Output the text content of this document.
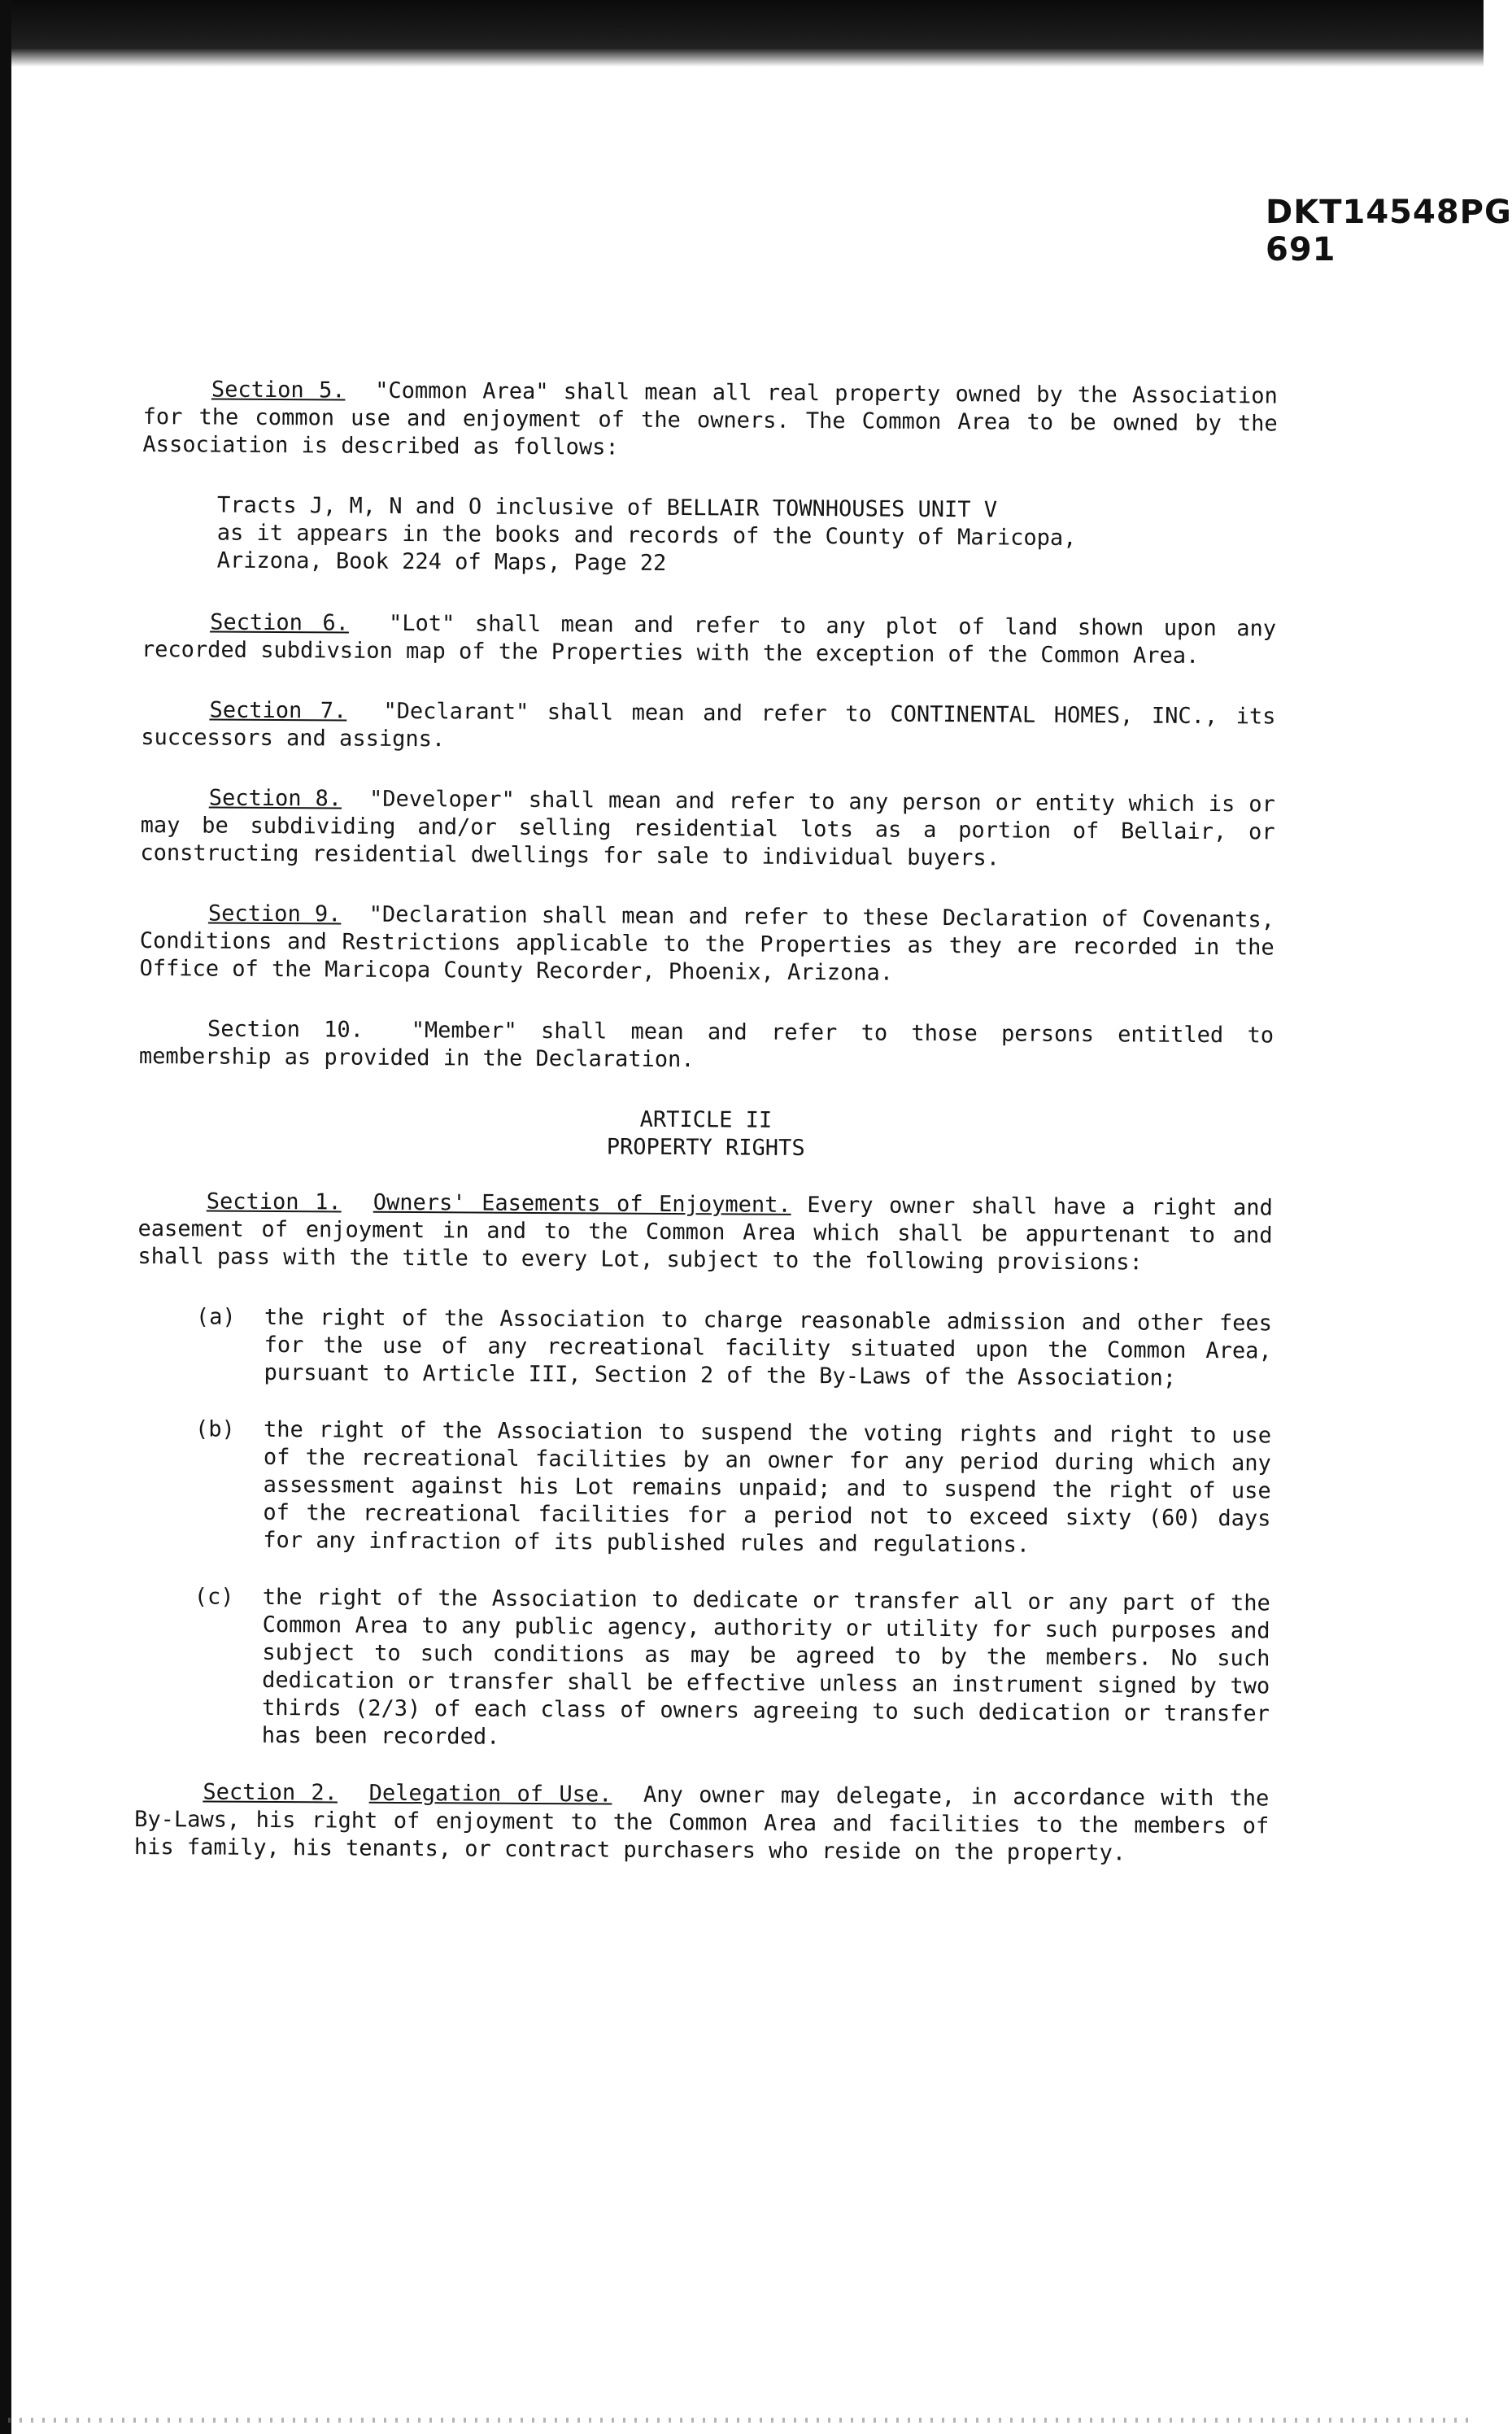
DKT14548PG 691

Section 5. "Common Area" shall mean all real property owned by the Association for the common use and enjoyment of the owners. The Common Area to be owned by the Association is described as follows:

Tracts J, M, N and O inclusive of BELLAIR TOWNHOUSES UNIT V
as it appears in the books and records of the County of Maricopa,
Arizona, Book 224 of Maps, Page 22

Section 6. "Lot" shall mean and refer to any plot of land shown upon any recorded subdivsion map of the Properties with the exception of the Common Area.

Section 7. "Declarant" shall mean and refer to CONTINENTAL HOMES, INC., its successors and assigns.

Section 8. "Developer" shall mean and refer to any person or entity which is or may be subdividing and/or selling residential lots as a portion of Bellair, or constructing residential dwellings for sale to individual buyers.

Section 9. "Declaration shall mean and refer to these Declaration of Covenants, Conditions and Restrictions applicable to the Properties as they are recorded in the Office of the Maricopa County Recorder, Phoenix, Arizona.

Section 10. "Member" shall mean and refer to those persons entitled to membership as provided in the Declaration.

ARTICLE II
PROPERTY RIGHTS

Section 1. Owners' Easements of Enjoyment. Every owner shall have a right and easement of enjoyment in and to the Common Area which shall be appurtenant to and shall pass with the title to every Lot, subject to the following provisions:

(a)	the right of the Association to charge reasonable admission and other fees for the use of any recreational facility situated upon the Common Area, pursuant to Article III, Section 2 of the By-Laws of the Association;
(b)	the right of the Association to suspend the voting rights and right to use of the recreational facilities by an owner for any period during which any assessment against his Lot remains unpaid; and to suspend the right of use of the recreational facilities for a period not to exceed sixty (60) days for any infraction of its published rules and regulations.
(c)	the right of the Association to dedicate or transfer all or any part of the Common Area to any public agency, authority or utility for such purposes and subject to such conditions as may be agreed to by the members. No such dedication or transfer shall be effective unless an instrument signed by two thirds (2/3) of each class of owners agreeing to such dedication or transfer has been recorded.

Section 2. Delegation of Use. Any owner may delegate, in accordance with the By-Laws, his right of enjoyment to the Common Area and facilities to the members of his family, his tenants, or contract purchasers who reside on the property.
